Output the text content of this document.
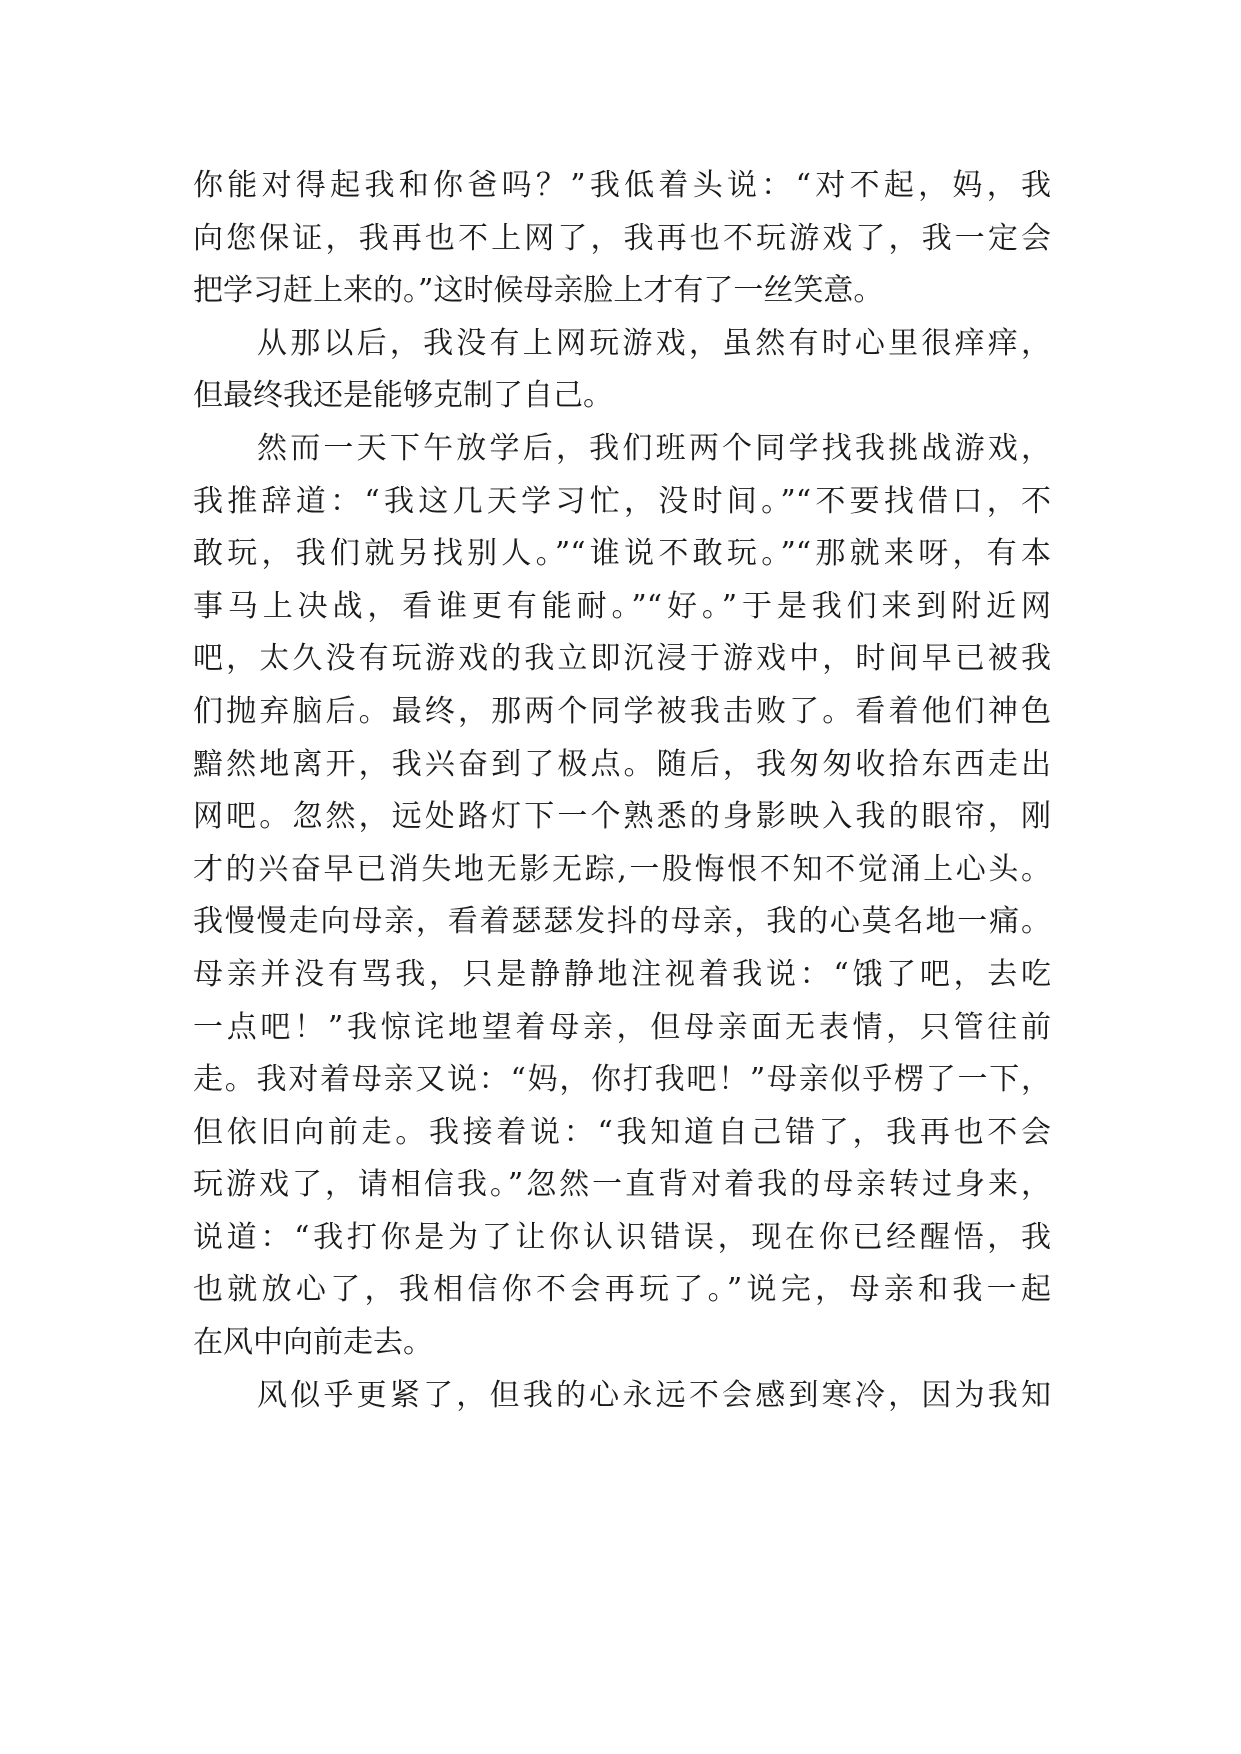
你能对得起我和你爸吗？”我低着头说：“对不起，妈，我
向您保证，我再也不上网了，我再也不玩游戏了，我一定会
把学习赶上来的。”这时候母亲脸上才有了一丝笑意。
从那以后，我没有上网玩游戏，虽然有时心里很痒痒，
但最终我还是能够克制了自己。
然而一天下午放学后，我们班两个同学找我挑战游戏，
我推辞道：“我这几天学习忙，没时间。”“不要找借口，不
敢玩，我们就另找别人。”“谁说不敢玩。”“那就来呀，有本
事马上决战，看谁更有能耐。”“好。”于是我们来到附近网
吧，太久没有玩游戏的我立即沉浸于游戏中，时间早已被我
们抛弃脑后。最终，那两个同学被我击败了。看着他们神色
黯然地离开，我兴奋到了极点。随后，我匆匆收拾东西走出
网吧。忽然，远处路灯下一个熟悉的身影映入我的眼帘，刚
才的兴奋早已消失地无影无踪,一股悔恨不知不觉涌上心头。
我慢慢走向母亲，看着瑟瑟发抖的母亲，我的心莫名地一痛。
母亲并没有骂我，只是静静地注视着我说：“饿了吧，去吃
一点吧！”我惊诧地望着母亲，但母亲面无表情，只管往前
走。我对着母亲又说：“妈，你打我吧！”母亲似乎楞了一下，
但依旧向前走。我接着说：“我知道自己错了，我再也不会
玩游戏了，请相信我。”忽然一直背对着我的母亲转过身来，
说道：“我打你是为了让你认识错误，现在你已经醒悟，我
也就放心了，我相信你不会再玩了。”说完，母亲和我一起
在风中向前走去。
风似乎更紧了，但我的心永远不会感到寒冷，因为我知
